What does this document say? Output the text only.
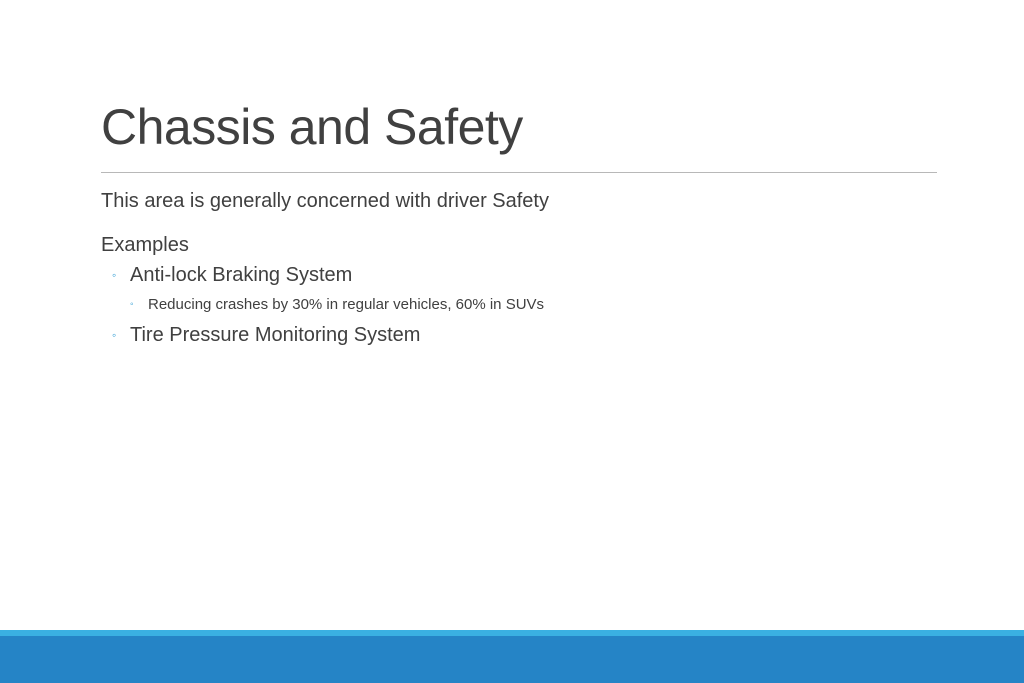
Chassis and Safety
This area is generally concerned with driver Safety
Examples
◦ Anti-lock Braking System
◦ Reducing crashes by 30% in regular vehicles, 60% in SUVs
◦ Tire Pressure Monitoring System
